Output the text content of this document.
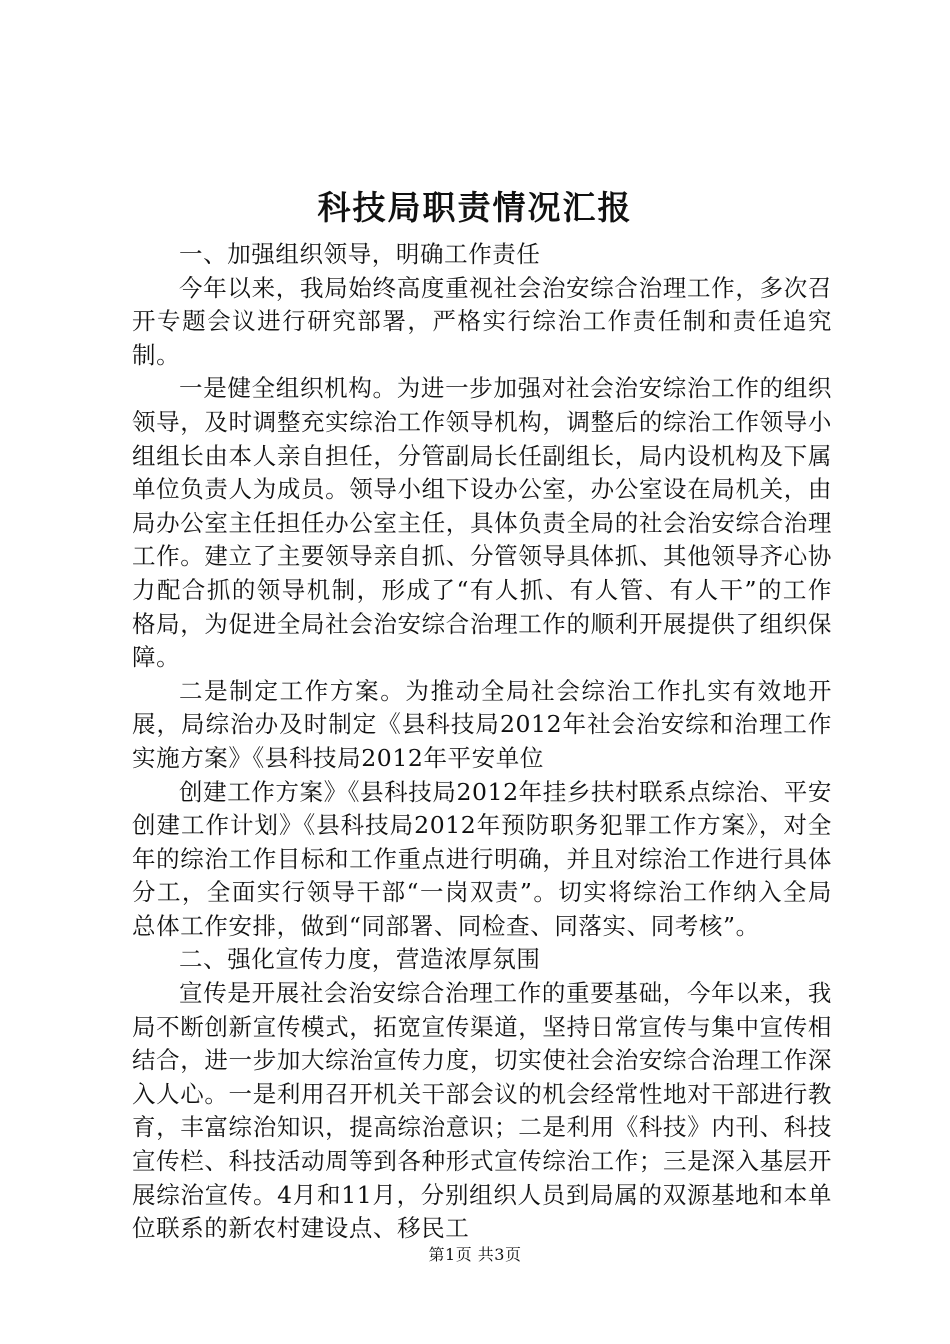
科技局职责情况汇报

一、加强组织领导，明确工作责任

今年以来，我局始终高度重视社会治安综合治理工作，多次召开专题会议进行研究部署，严格实行综治工作责任制和责任追究制。

一是健全组织机构。为进一步加强对社会治安综治工作的组织领导，及时调整充实综治工作领导机构，调整后的综治工作领导小组组长由本人亲自担任，分管副局长任副组长，局内设机构及下属单位负责人为成员。领导小组下设办公室，办公室设在局机关，由局办公室主任担任办公室主任，具体负责全局的社会治安综合治理工作。建立了主要领导亲自抓、分管领导具体抓、其他领导齐心协力配合抓的领导机制，形成了“有人抓、有人管、有人干”的工作格局，为促进全局社会治安综合治理工作的顺利开展提供了组织保障。

二是制定工作方案。为推动全局社会综治工作扎实有效地开展，局综治办及时制定《县科技局2012年社会治安综和治理工作实施方案》《县科技局2012年平安单位

创建工作方案》《县科技局2012年挂乡扶村联系点综治、平安创建工作计划》《县科技局2012年预防职务犯罪工作方案》，对全年的综治工作目标和工作重点进行明确，并且对综治工作进行具体分工，全面实行领导干部“一岗双责”。切实将综治工作纳入全局总体工作安排，做到“同部署、同检查、同落实、同考核”。

二、强化宣传力度，营造浓厚氛围

宣传是开展社会治安综合治理工作的重要基础，今年以来，我局不断创新宣传模式，拓宽宣传渠道，坚持日常宣传与集中宣传相结合，进一步加大综治宣传力度，切实使社会治安综合治理工作深入人心。一是利用召开机关干部会议的机会经常性地对干部进行教育，丰富综治知识，提高综治意识；二是利用《科技》内刊、科技宣传栏、科技活动周等到各种形式宣传综治工作；三是深入基层开展综治宣传。4月和11月，分别组织人员到局属的双源基地和本单位联系的新农村建设点、移民工

第1页 共3页
